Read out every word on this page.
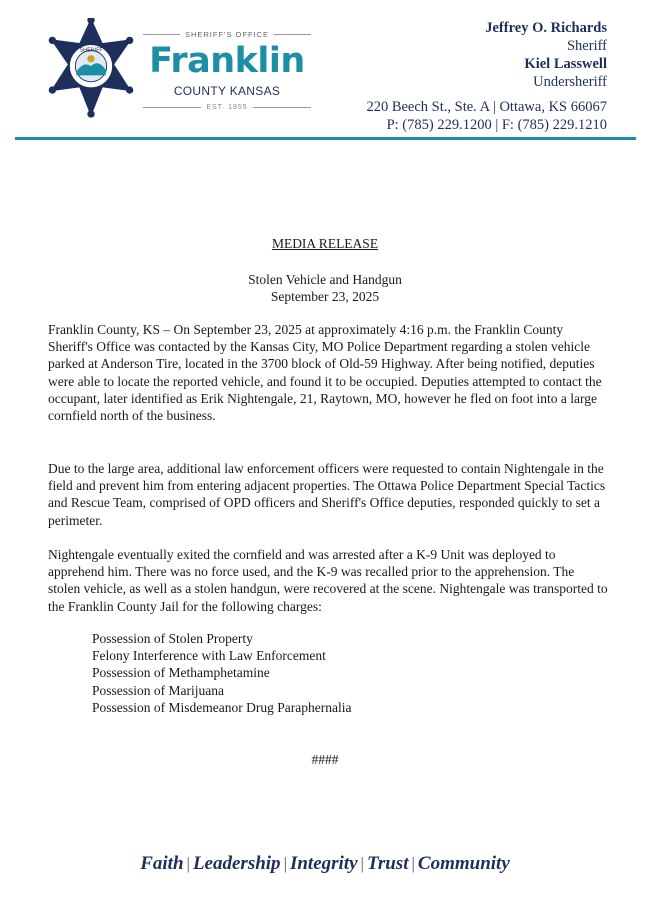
SHERIFF
SHERIFF'S OFFICE
Franklin
COUNTY KANSAS
EST. 1855
Jeffrey O. Richards
Sheriff
Kiel Lasswell
Undersheriff
220 Beech St., Ste. A | Ottawa, KS 66067
P: (785) 229.1200 | F: (785) 229.1210
MEDIA RELEASE
Stolen Vehicle and Handgun
September 23, 2025

Franklin County, KS – On September 23, 2025 at approximately 4:16 p.m. the Franklin County Sheriff's Office was contacted by the Kansas City, MO Police Department regarding a stolen vehicle parked at Anderson Tire, located in the 3700 block of Old-59 Highway. After being notified, deputies were able to locate the reported vehicle, and found it to be occupied. Deputies attempted to contact the occupant, later identified as Erik Nightengale, 21, Raytown, MO, however he fled on foot into a large cornfield north of the business.

Due to the large area, additional law enforcement officers were requested to contain Nightengale in the field and prevent him from entering adjacent properties. The Ottawa Police Department Special Tactics and Rescue Team, comprised of OPD officers and Sheriff's Office deputies, responded quickly to set a perimeter.

Nightengale eventually exited the cornfield and was arrested after a K-9 Unit was deployed to apprehend him. There was no force used, and the K-9 was recalled prior to the apprehension. The stolen vehicle, as well as a stolen handgun, were recovered at the scene. Nightengale was transported to the Franklin County Jail for the following charges:

Possession of Stolen Property
Felony Interference with Law Enforcement
Possession of Methamphetamine
Possession of Marijuana
Possession of Misdemeanor Drug Paraphernalia
####
Faith | Leadership | Integrity | Trust | Community
